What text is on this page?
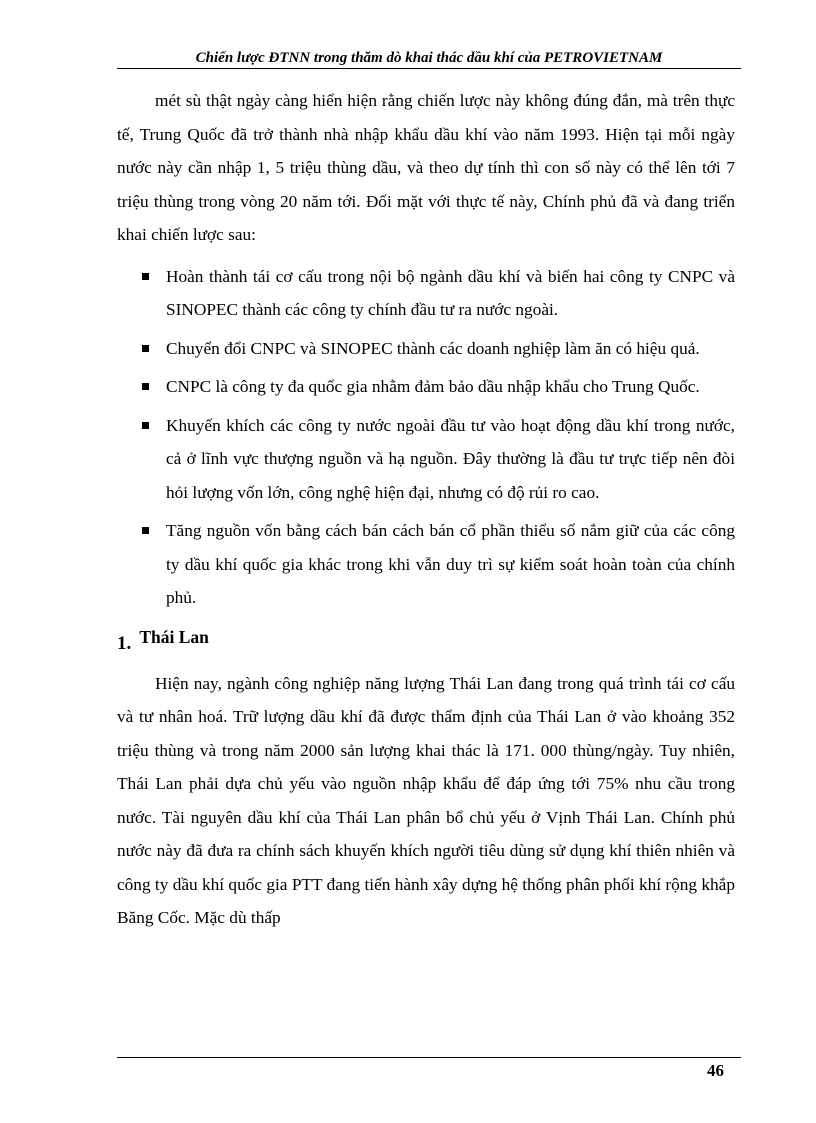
Chiến lược ĐTNN trong thăm dò khai thác dầu khí của PETROVIETNAM

mét sù thật ngày càng hiển hiện rằng chiến lược này không đúng đắn, mà trên thực tế, Trung Quốc đã trở thành nhà nhập khẩu dầu khí vào năm 1993. Hiện tại mỗi ngày nước này cần nhập 1, 5 triệu thùng dầu, và theo dự tính thì con số này có thể lên tới 7 triệu thùng trong vòng 20 năm tới. Đối mặt với thực tế này, Chính phủ đã và đang triển khai chiến lược sau:

Hoàn thành tái cơ cấu trong nội bộ ngành dầu khí và biến hai công ty CNPC và SINOPEC thành các công ty chính đầu tư ra nước ngoài.
Chuyển đổi CNPC và SINOPEC thành các doanh nghiệp làm ăn có hiệu quả.
CNPC là công ty đa quốc gia nhằm đảm bảo dầu nhập khẩu cho Trung Quốc.
Khuyến khích các công ty nước ngoài đầu tư vào hoạt động dầu khí trong nước, cả ở lĩnh vực thượng nguồn và hạ nguồn. Đây thường là đầu tư trực tiếp nên đòi hỏi lượng vốn lớn, công nghệ hiện đại, nhưng có độ rủi ro cao.
Tăng nguồn vốn bằng cách bán cách bán cổ phần thiểu số nắm giữ của các công ty dầu khí quốc gia khác trong khi vẫn duy trì sự kiểm soát hoàn toàn của chính phủ.
1. Thái Lan

Hiện nay, ngành công nghiệp năng lượng Thái Lan đang trong quá trình tái cơ cấu và tư nhân hoá. Trữ lượng dầu khí đã được thẩm định của Thái Lan ở vào khoảng 352 triệu thùng và trong năm 2000 sản lượng khai thác là 171. 000 thùng/ngày. Tuy nhiên, Thái Lan phải dựa chủ yếu vào nguồn nhập khẩu để đáp ứng tới 75% nhu cầu trong nước. Tài nguyên dầu khí của Thái Lan phân bổ chủ yếu ở Vịnh Thái Lan. Chính phủ nước này đã đưa ra chính sách khuyến khích người tiêu dùng sử dụng khí thiên nhiên và công ty dầu khí quốc gia PTT đang tiến hành xây dựng hệ thống phân phối khí rộng khắp Băng Cốc. Mặc dù thấp

46
